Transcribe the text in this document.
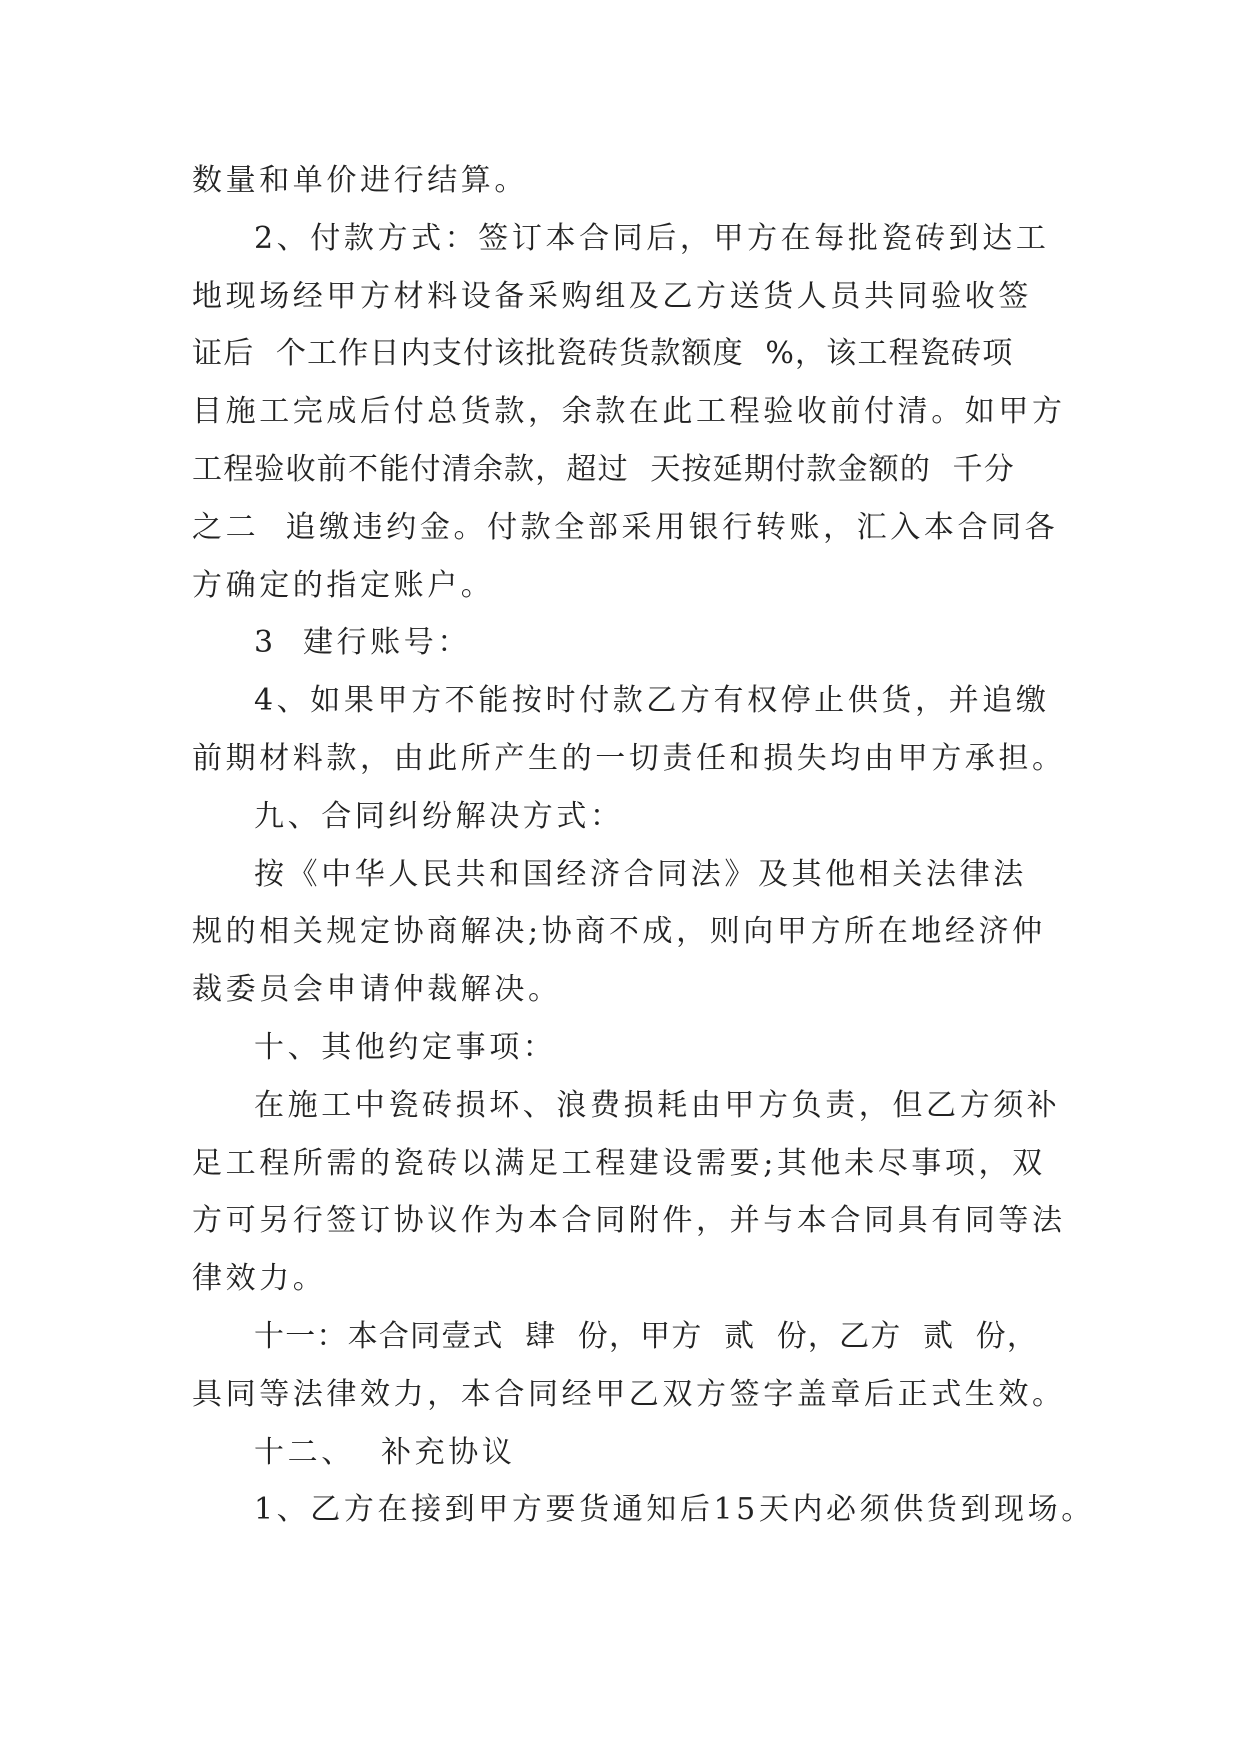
数量和单价进行结算。
2、付款方式：签订本合同后，甲方在每批瓷砖到达工
地现场经甲方材料设备采购组及乙方送货人员共同验收签
证后  个工作日内支付该批瓷砖货款额度  %，该工程瓷砖项
目施工完成后付总货款，余款在此工程验收前付清。如甲方
工程验收前不能付清余款，超过  天按延期付款金额的  千分
之二  追缴违约金。付款全部采用银行转账，汇入本合同各
方确定的指定账户。
3  建行账号：
4、如果甲方不能按时付款乙方有权停止供货，并追缴
前期材料款，由此所产生的一切责任和损失均由甲方承担。
九、合同纠纷解决方式：
按《中华人民共和国经济合同法》及其他相关法律法
规的相关规定协商解决;协商不成，则向甲方所在地经济仲
裁委员会申请仲裁解决。
十、其他约定事项：
在施工中瓷砖损坏、浪费损耗由甲方负责，但乙方须补
足工程所需的瓷砖以满足工程建设需要;其他未尽事项，双
方可另行签订协议作为本合同附件，并与本合同具有同等法
律效力。
十一：本合同壹式  肆  份，甲方  贰  份，乙方  贰  份，
具同等法律效力，本合同经甲乙双方签字盖章后正式生效。
十二、  补充协议
1、乙方在接到甲方要货通知后15天内必须供货到现场。
